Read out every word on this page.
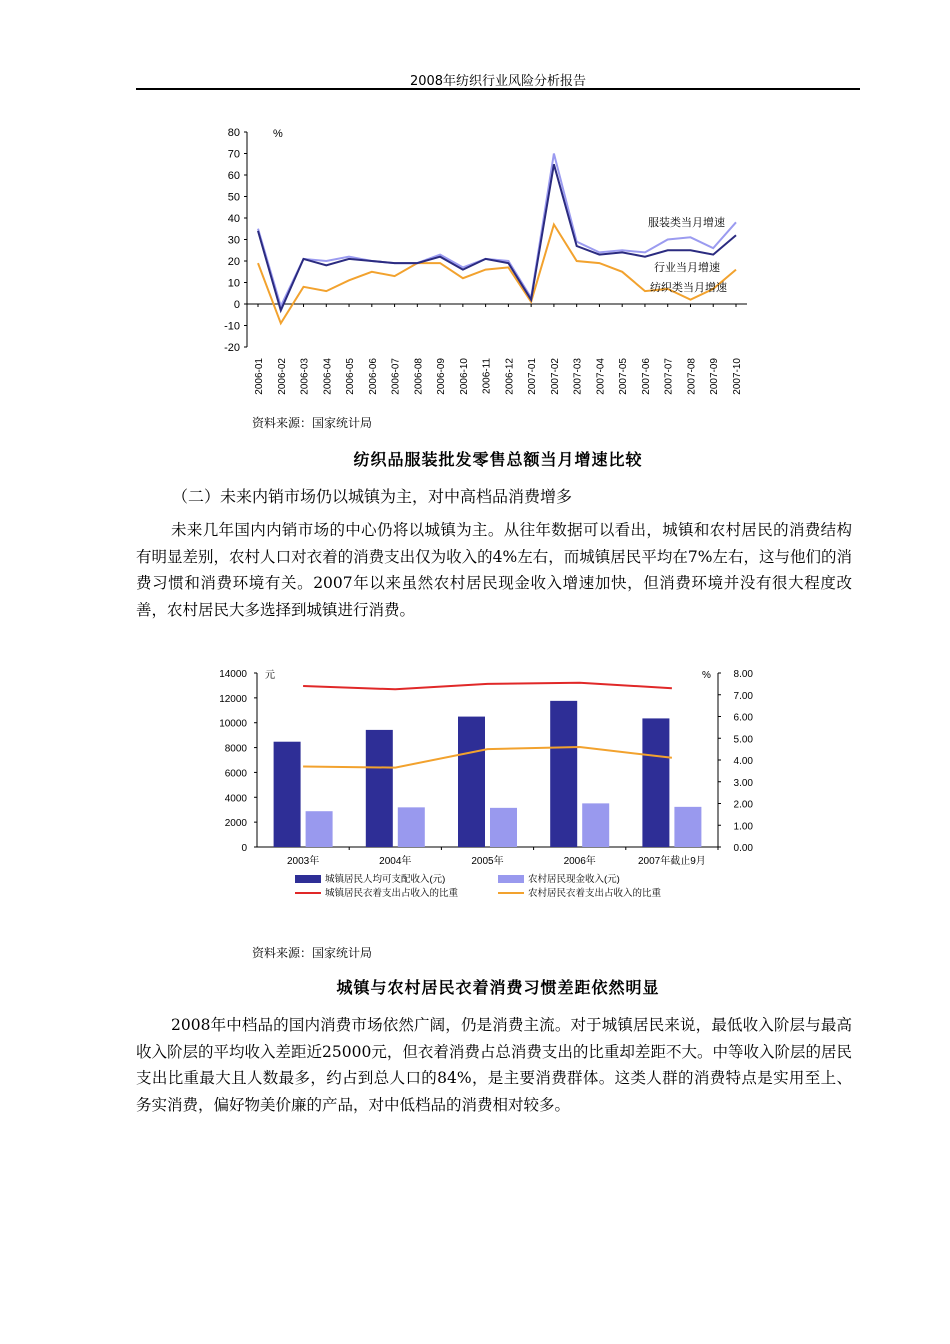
2008年纺织行业风险分析报告
80
70
60
50
40
30
20
10
0
-10
-20
%
2006-01 2006-02 2006-03 2006-04 2006-05 2006-06 2006-07 2006-08 2006-09 2006-10 2006-11 2006-12 2007-01 2007-02 2007-03 2007-04 2007-05 2007-06 2007-07 2007-08 2007-09 2007-10
服装类当月增速
行业当月增速
纺织类当月增速
资料来源：国家统计局
纺织品服装批发零售总额当月增速比较
（二）未来内销市场仍以城镇为主，对中高档品消费增多

未来几年国内内销市场的中心仍将以城镇为主。从往年数据可以看出，城镇和农村居民的消费结构有明显差别，农村人口对衣着的消费支出仅为收入的4%左右，而城镇居民平均在7%左右，这与他们的消费习惯和消费环境有关。2007年以来虽然农村居民现金收入增速加快，但消费环境并没有很大程度改善，农村居民大多选择到城镇进行消费。

14000
12000
10000
8000
6000
4000
2000
0
8.00
7.00
6.00
5.00
4.00
3.00
2.00
1.00
0.00
元	%
2003年	2004年	2005年	2006年	2007年截止9月
城镇居民人均可支配收入(元)	农村居民现金收入(元)
城镇居民衣着支出占收入的比重	农村居民衣着支出占收入的比重
资料来源：国家统计局
城镇与农村居民衣着消费习惯差距依然明显

2008年中档品的国内消费市场依然广阔，仍是消费主流。对于城镇居民来说，最低收入阶层与最高收入阶层的平均收入差距近25000元，但衣着消费占总消费支出的比重却差距不大。中等收入阶层的居民支出比重最大且人数最多，约占到总人口的84%，是主要消费群体。这类人群的消费特点是实用至上、务实消费，偏好物美价廉的产品，对中低档品的消费相对较多。
